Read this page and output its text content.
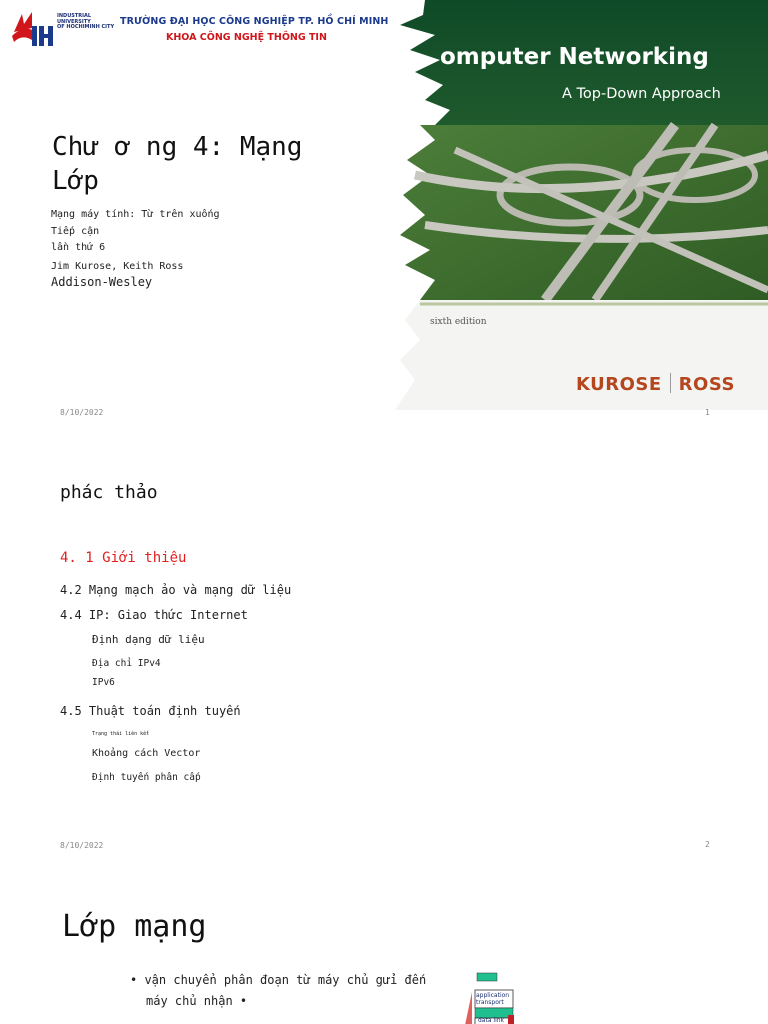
INDUSTRIAL
UNIVERSITY
OF HOCHIMINH CITY TRƯỜNG ĐẠI HỌC CÔNG NGHIỆP TP. HỒ CHÍ MINH
KHOA CÔNG NGHỆ THÔNG TIN
omputer Networking
A Top-Down Approach
sixth edition
KUROSE ROSS
Chư ơ ng 4: Mạng Lớp
Mạng máy tính: Từ trên xuống
Tiếp cận
lần thứ 6
Jim Kurose, Keith Ross
Addison-Wesley
8/10/2022	1
phác thảo
4. 1 Giới thiệu
4.2 Mạng mạch ảo và mạng dữ liệu
4.4 IP: Giao thức Internet
Định dạng dữ liệu
Địa chỉ IPv4
IPv6
4.5 Thuật toán định tuyến
Trạng thái liên kết
Khoảng cách Vector
Định tuyến phân cấp
8/10/2022	2
Lớp mạng
• vận chuyển phân đoạn từ máy chủ gửi đến
máy chủ nhận •	application
transport
data link
